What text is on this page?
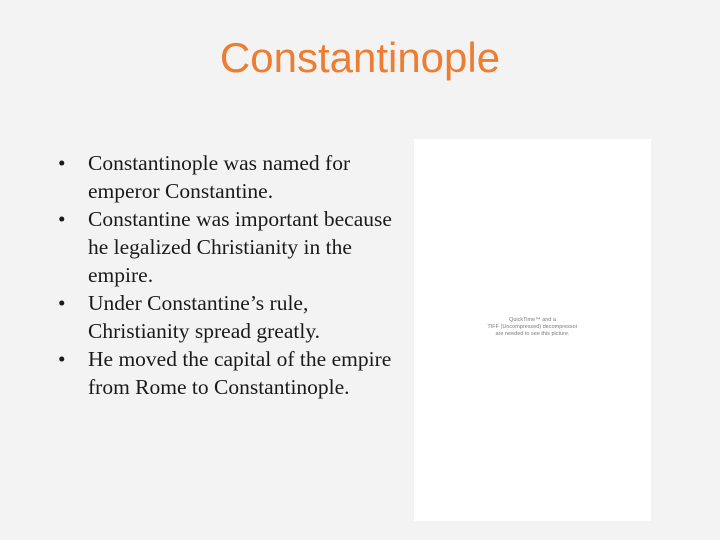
Constantinople
• Constantinople was named for emperor Constantine.
• Constantine was important because he legalized Christianity in the empire.
• Under Constantine’s rule, Christianity spread greatly.
• He moved the capital of the empire from Rome to Constantinople.
QuickTime™ and a
TIFF (Uncompressed) decompressor
are needed to see this picture.
